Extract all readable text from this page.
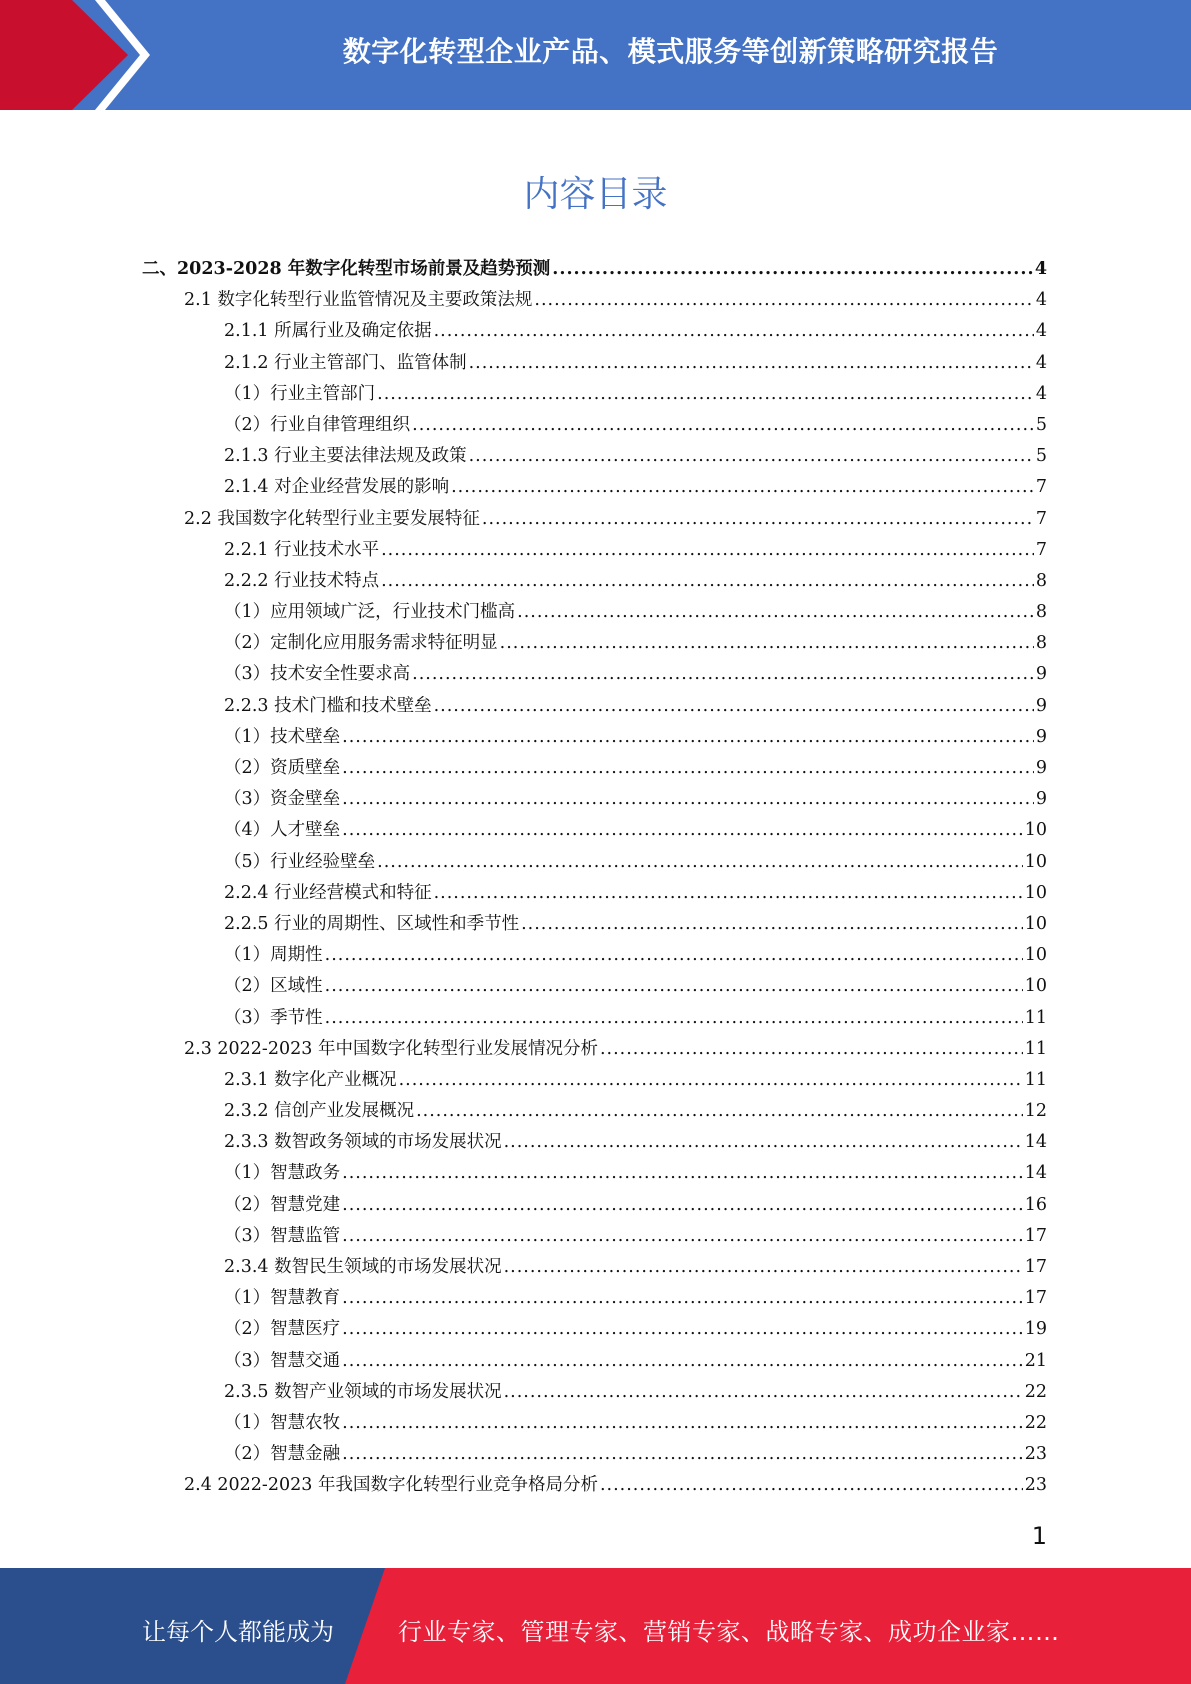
数字化转型企业产品、模式服务等创新策略研究报告
内容目录
二、2023-2028 年数字化转型市场前景及趋势预测 .....	4
2.1 数字化转型行业监管情况及主要政策法规 .....	4
2.1.1 所属行业及确定依据 .....	4
2.1.2 行业主管部门、监管体制 .....	4
（1）行业主管部门 .....	4
（2）行业自律管理组织 .....	5
2.1.3 行业主要法律法规及政策 .....	5
2.1.4 对企业经营发展的影响 .....	7
2.2 我国数字化转型行业主要发展特征 .....	7
2.2.1 行业技术水平 .....	7
2.2.2 行业技术特点 .....	8
（1）应用领域广泛，行业技术门槛高 .....	8
（2）定制化应用服务需求特征明显 .....	8
（3）技术安全性要求高 .....	9
2.2.3 技术门槛和技术壁垒 .....	9
（1）技术壁垒 .....	9
（2）资质壁垒 .....	9
（3）资金壁垒 .....	9
（4）人才壁垒 .....	10
（5）行业经验壁垒 .....	10
2.2.4 行业经营模式和特征 .....	10
2.2.5 行业的周期性、区域性和季节性 .....	10
（1）周期性 .....	10
（2）区域性 .....	10
（3）季节性 .....	11
2.3 2022-2023 年中国数字化转型行业发展情况分析 .....	11
2.3.1 数字化产业概况 .....	11
2.3.2 信创产业发展概况 .....	12
2.3.3 数智政务领域的市场发展状况 .....	14
（1）智慧政务 .....	14
（2）智慧党建 .....	16
（3）智慧监管 .....	17
2.3.4 数智民生领域的市场发展状况 .....	17
（1）智慧教育 .....	17
（2）智慧医疗 .....	19
（3）智慧交通 .....	21
2.3.5 数智产业领域的市场发展状况 .....	22
（1）智慧农牧 .....	22
（2）智慧金融 .....	23
2.4 2022-2023 年我国数字化转型行业竞争格局分析 .....	23
1
让每个人都能成为	行业专家、管理专家、营销专家、战略专家、成功企业家……
